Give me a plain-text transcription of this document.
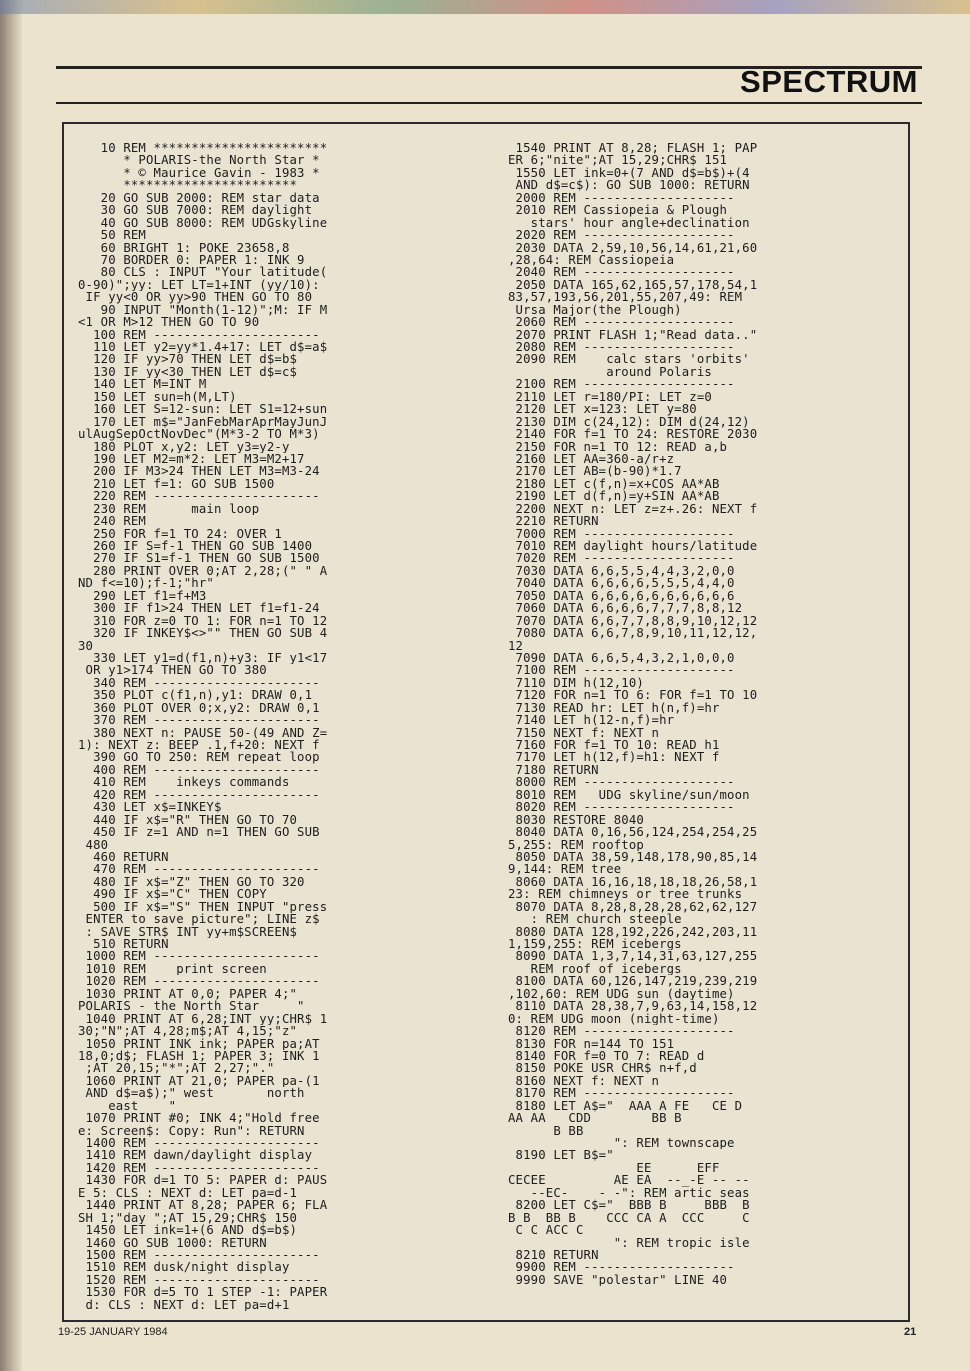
SPECTRUM
10 REM ***********************
* POLARIS-the North Star *
* © Maurice Gavin - 1983 *
***********************
20 GO SUB 2000: REM star data
30 GO SUB 7000: REM daylight
40 GO SUB 8000: REM UDGskyline
50 REM
60 BRIGHT 1: POKE 23658,8
70 BORDER 0: PAPER 1: INK 9
80 CLS : INPUT "Your latitude(
0-90)";yy: LET LT=1+INT (yy/10):
IF yy<0 OR yy>90 THEN GO TO 80
90 INPUT "Month(1-12)";M: IF M
<1 OR M>12 THEN GO TO 90
100 REM ----------------------
110 LET y2=yy*1.4+17: LET d$=a$
120 IF yy>70 THEN LET d$=b$
130 IF yy<30 THEN LET d$=c$
140 LET M=INT M
150 LET sun=h(M,LT)
160 LET S=12-sun: LET S1=12+sun
170 LET m$="JanFebMarAprMayJunJ
ulAugSepOctNovDec"(M*3-2 TO M*3)
180 PLOT x,y2: LET y3=y2-y
190 LET M2=m*2: LET M3=M2+17
200 IF M3>24 THEN LET M3=M3-24
210 LET f=1: GO SUB 1500
220 REM ----------------------
230 REM      main loop
240 REM
250 FOR f=1 TO 24: OVER 1
260 IF S=f-1 THEN GO SUB 1400
270 IF S1=f-1 THEN GO SUB 1500
280 PRINT OVER 0;AT 2,28;(" " A
ND f<=10);f-1;"hr"
290 LET f1=f+M3
300 IF f1>24 THEN LET f1=f1-24
310 FOR z=0 TO 1: FOR n=1 TO 12
320 IF INKEY$<>"" THEN GO SUB 4
30
330 LET y1=d(f1,n)+y3: IF y1<17
OR y1>174 THEN GO TO 380
340 REM ----------------------
350 PLOT c(f1,n),y1: DRAW 0,1
360 PLOT OVER 0;x,y2: DRAW 0,1
370 REM ----------------------
380 NEXT n: PAUSE 50-(49 AND Z=
1): NEXT z: BEEP .1,f+20: NEXT f
390 GO TO 250: REM repeat loop
400 REM ----------------------
410 REM    inkeys commands
420 REM ----------------------
430 LET x$=INKEY$
440 IF x$="R" THEN GO TO 70
450 IF z=1 AND n=1 THEN GO SUB
480
460 RETURN
470 REM ----------------------
480 IF x$="Z" THEN GO TO 320
490 IF x$="C" THEN COPY
500 IF x$="S" THEN INPUT "press
ENTER to save picture"; LINE z$
: SAVE STR$ INT yy+m$SCREEN$
510 RETURN
1000 REM ----------------------
1010 REM    print screen
1020 REM ----------------------
1030 PRINT AT 0,0; PAPER 4;"
POLARIS - the North Star     "
1040 PRINT AT 6,28;INT yy;CHR$ 1
30;"N";AT 4,28;m$;AT 4,15;"z"
1050 PRINT INK ink; PAPER pa;AT
18,0;d$; FLASH 1; PAPER 3; INK 1
;AT 20,15;"*";AT 2,27;"."
1060 PRINT AT 21,0; PAPER pa-(1
AND d$=a$);" west       north
east    "
1070 PRINT #0; INK 4;"Hold free
e: Screen$: Copy: Run": RETURN
1400 REM ----------------------
1410 REM dawn/daylight display
1420 REM ----------------------
1430 FOR d=1 TO 5: PAPER d: PAUS
E 5: CLS : NEXT d: LET pa=d-1
1440 PRINT AT 8,28; PAPER 6; FLA
SH 1;"day ";AT 15,29;CHR$ 150
1450 LET ink=1+(6 AND d$=b$)
1460 GO SUB 1000: RETURN
1500 REM ----------------------
1510 REM dusk/night display
1520 REM ----------------------
1530 FOR d=5 TO 1 STEP -1: PAPER
d: CLS : NEXT d: LET pa=d+1
1540 PRINT AT 8,28; FLASH 1; PAP
ER 6;"nite";AT 15,29;CHR$ 151
1550 LET ink=0+(7 AND d$=b$)+(4
AND d$=c$): GO SUB 1000: RETURN
2000 REM --------------------
2010 REM Cassiopeia & Plough
stars' hour angle+declination
2020 REM --------------------
2030 DATA 2,59,10,56,14,61,21,60
,28,64: REM Cassiopeia
2040 REM --------------------
2050 DATA 165,62,165,57,178,54,1
83,57,193,56,201,55,207,49: REM
Ursa Major(the Plough)
2060 REM --------------------
2070 PRINT FLASH 1;"Read data.."
2080 REM --------------------
2090 REM    calc stars 'orbits'
around Polaris
2100 REM --------------------
2110 LET r=180/PI: LET z=0
2120 LET x=123: LET y=80
2130 DIM c(24,12): DIM d(24,12)
2140 FOR f=1 TO 24: RESTORE 2030
2150 FOR n=1 TO 12: READ a,b
2160 LET AA=360-a/r+z
2170 LET AB=(b-90)*1.7
2180 LET c(f,n)=x+COS AA*AB
2190 LET d(f,n)=y+SIN AA*AB
2200 NEXT n: LET z=z+.26: NEXT f
2210 RETURN
7000 REM --------------------
7010 REM daylight hours/latitude
7020 REM --------------------
7030 DATA 6,6,5,5,4,4,3,2,0,0
7040 DATA 6,6,6,6,5,5,5,4,4,0
7050 DATA 6,6,6,6,6,6,6,6,6,6
7060 DATA 6,6,6,6,7,7,7,8,8,12
7070 DATA 6,6,7,7,8,8,9,10,12,12
7080 DATA 6,6,7,8,9,10,11,12,12,
12
7090 DATA 6,6,5,4,3,2,1,0,0,0
7100 REM --------------------
7110 DIM h(12,10)
7120 FOR n=1 TO 6: FOR f=1 TO 10
7130 READ hr: LET h(n,f)=hr
7140 LET h(12-n,f)=hr
7150 NEXT f: NEXT n
7160 FOR f=1 TO 10: READ h1
7170 LET h(12,f)=h1: NEXT f
7180 RETURN
8000 REM --------------------
8010 REM   UDG skyline/sun/moon
8020 REM --------------------
8030 RESTORE 8040
8040 DATA 0,16,56,124,254,254,25
5,255: REM rooftop
8050 DATA 38,59,148,178,90,85,14
9,144: REM tree
8060 DATA 16,16,18,18,18,26,58,1
23: REM chimneys or tree trunks
8070 DATA 8,28,8,28,28,62,62,127
: REM church steeple
8080 DATA 128,192,226,242,203,11
1,159,255: REM icebergs
8090 DATA 1,3,7,14,31,63,127,255
REM roof of icebergs
8100 DATA 60,126,147,219,239,219
,102,60: REM UDG sun (daytime)
8110 DATA 28,38,7,9,63,14,158,12
0: REM UDG moon (night-time)
8120 REM --------------------
8130 FOR n=144 TO 151
8140 FOR f=0 TO 7: READ d
8150 POKE USR CHR$ n+f,d
8160 NEXT f: NEXT n
8170 REM --------------------
8180 LET A$="  AAA A FE   CE D
AA AA   CDD        BB B
B BB
": REM townscape
8190 LET B$="
EE      EFF
CECEE         AE EA  --_-E -- --
--EC-___ - -": REM artic seas
8200 LET C$="  BBB B     BBB  B
B B  BB B    CCC CA A  CCC     C
C C ACC C
": REM tropic isle
8210 RETURN
9900 REM --------------------
9990 SAVE "polestar" LINE 40
19-25 JANUARY 1984	21
